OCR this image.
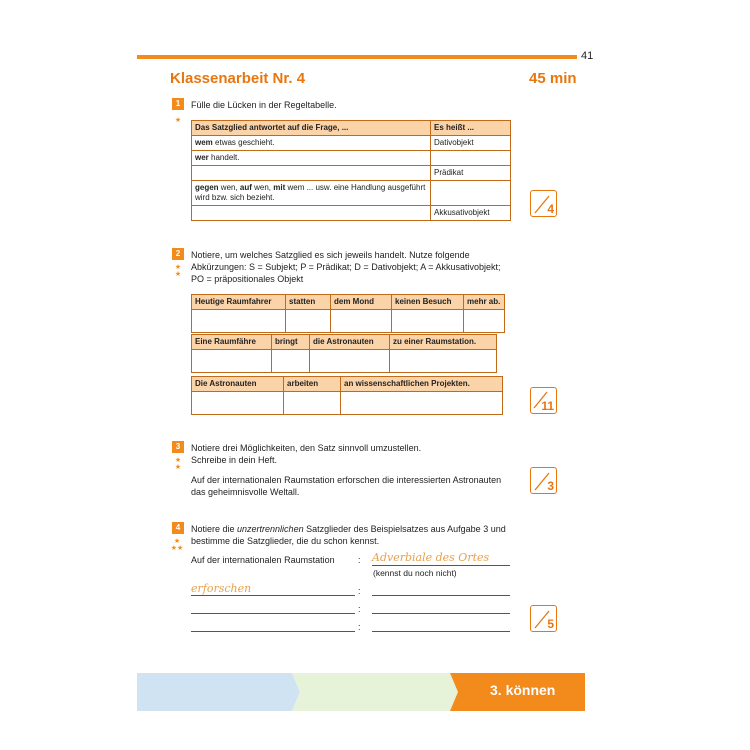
41
Klassenarbeit Nr. 4	45 min
1
★
Fülle die Lücken in der Regeltabelle.
Das Satzglied antwortet auf die Frage, ...	Es heißt ...
wem etwas geschieht.	Dativobjekt
wer handelt.	
	Prädikat
gegen wen, auf wen, mit wem ... usw. eine Handlung ausgeführt wird bzw. sich bezieht.	
	Akkusativobjekt	4
2
★
★
Notiere, um welches Satzglied es sich jeweils handelt. Nutze folgende
Abkürzungen: S = Subjekt; P = Prädikat; D = Dativobjekt; A = Akkusativobjekt;
PO = präpositionales Objekt
Heutige Raumfahrer	statten	dem Mond	keinen Besuch	mehr ab.

Eine Raumfähre	bringt	die Astronauten	zu einer Raumstation.

Die Astronauten	arbeiten	an wissenschaftlichen Projekten.

11
3
★
★
Notiere drei Möglichkeiten, den Satz sinnvoll umzustellen.
Schreibe in dein Heft.
Auf der internationalen Raumstation erforschen die interessierten Astronauten
das geheimnisvolle Weltall.	3
4
★
★★
Notiere die unzertrennlichen Satzglieder des Beispielsatzes aus Aufgabe 3 und
bestimme die Satzglieder, die du schon kennst.
Auf der internationalen Raumstation	: Adverbiale des Ortes
(kennst du noch nicht)
erforschen	:
:
:	5
3. können
